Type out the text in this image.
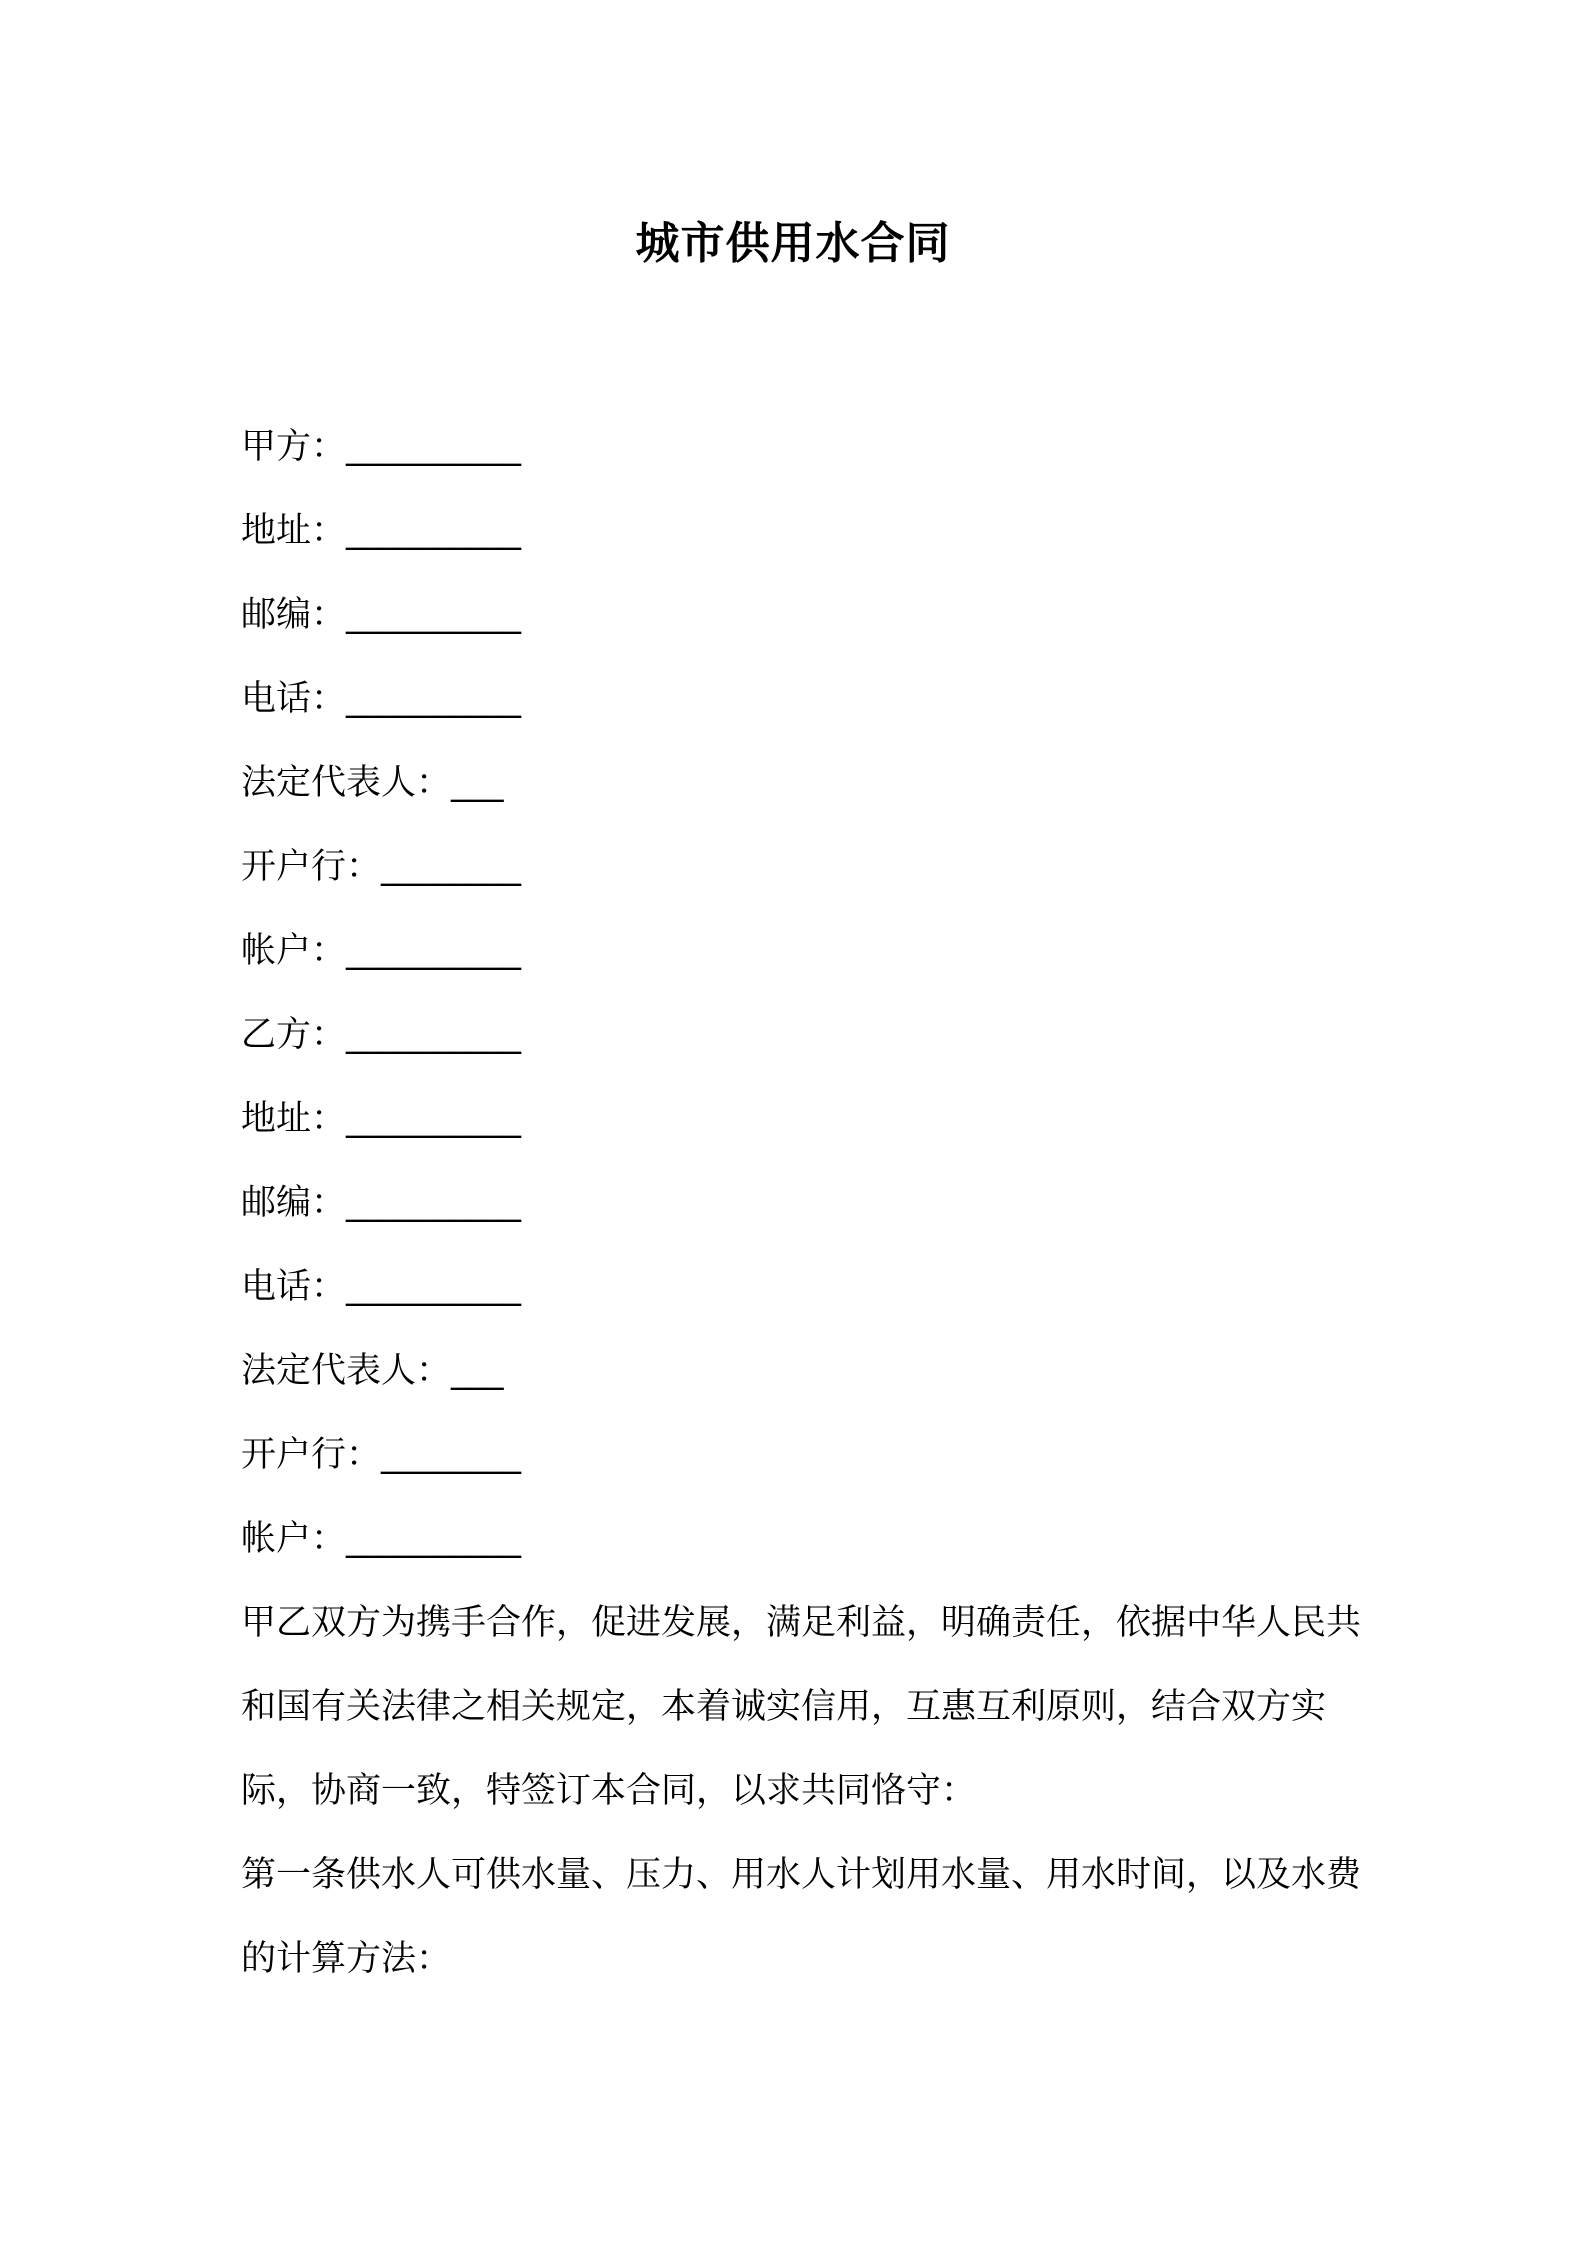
城市供用水合同
甲方：__________
地址：__________
邮编：__________
电话：__________
法定代表人：___
开户行：________
帐户：__________
乙方：__________
地址：__________
邮编：__________
电话：__________
法定代表人：___
开户行：________
帐户：__________
甲乙双方为携手合作，促进发展，满足利益，明确责任，依据中华人民共和国有关法律之相关规定，本着诚实信用，互惠互利原则，结合双方实际，协商一致，特签订本合同，以求共同恪守：
第一条供水人可供水量、压力、用水人计划用水量、用水时间，以及水费的计算方法：
